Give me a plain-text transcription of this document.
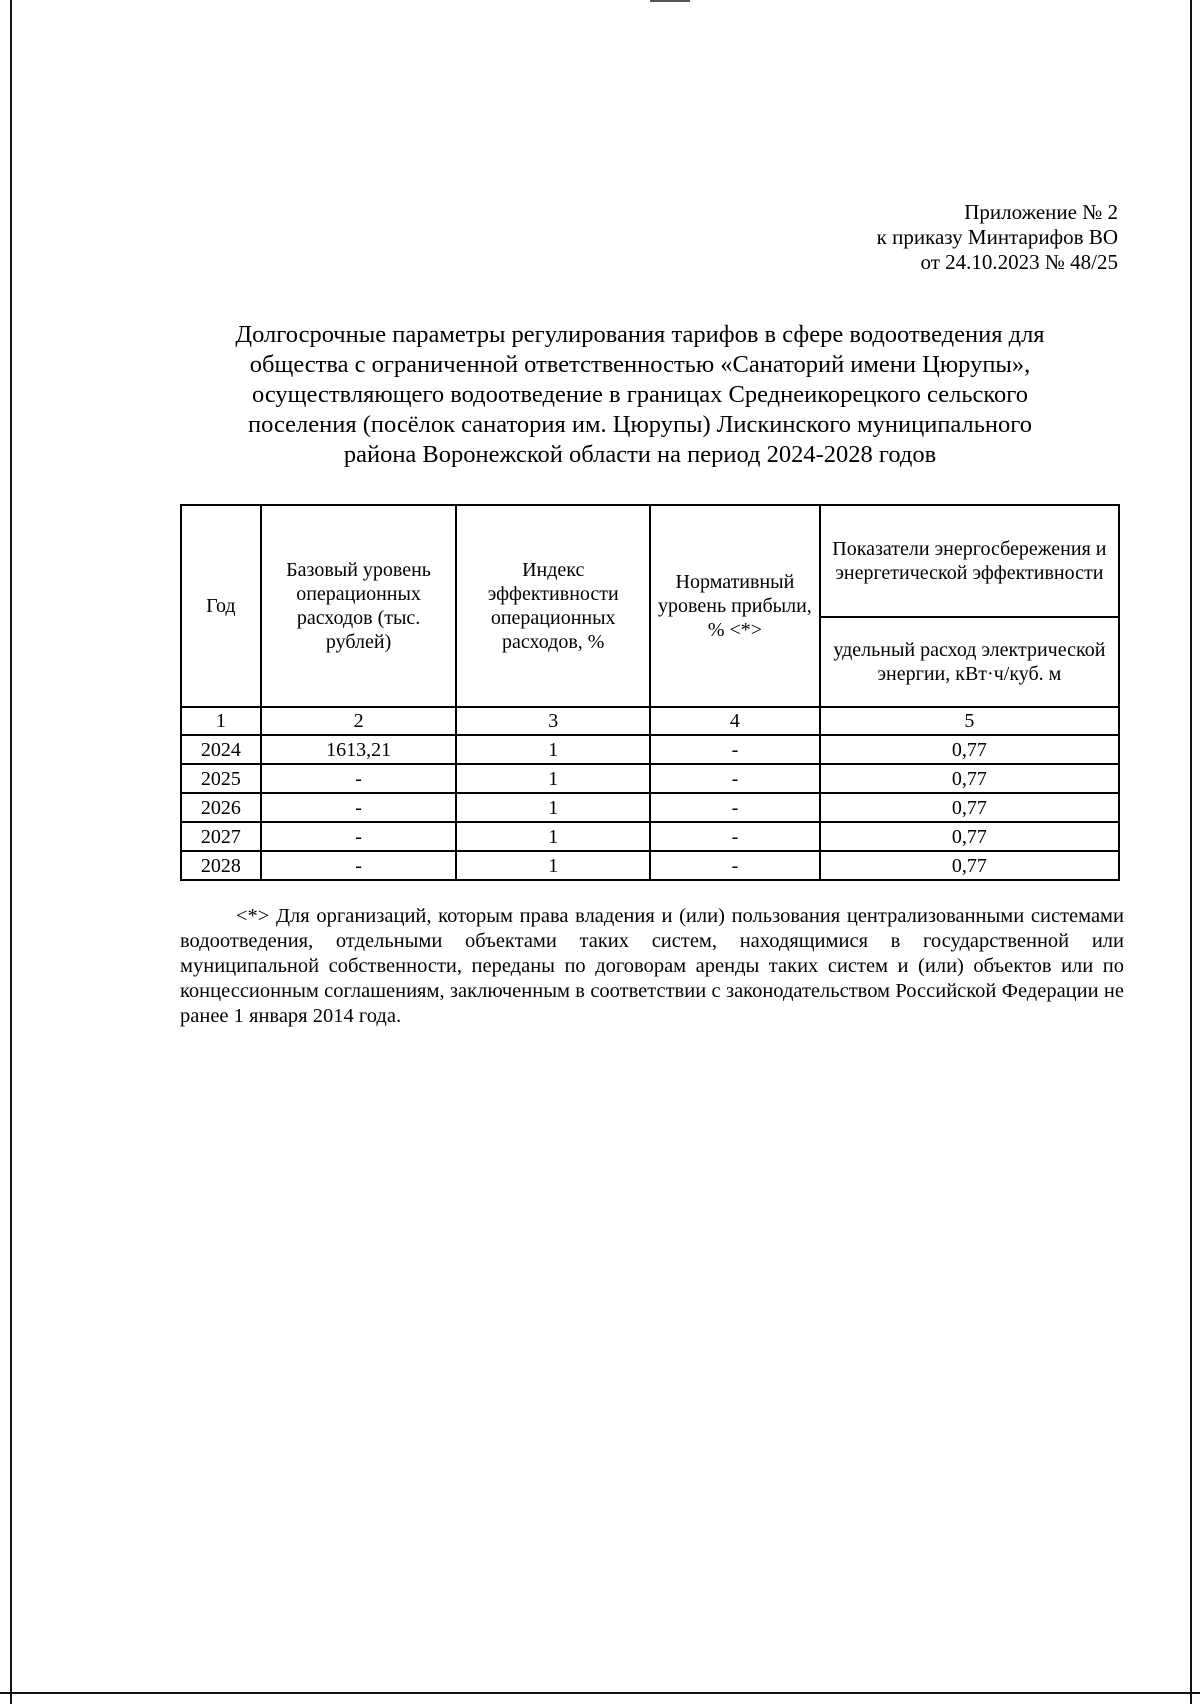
Приложение № 2
к приказу Минтарифов ВО
от 24.10.2023 № 48/25
Долгосрочные параметры регулирования тарифов в сфере водоотведения для
общества с ограниченной ответственностью «Санаторий имени Цюрупы»,
осуществляющего водоотведение в границах Среднеикорецкого сельского
поселения (посёлок санатория им. Цюрупы) Лискинского муниципального
района Воронежской области на период 2024-2028 годов
Год	Базовый уровень операционных расходов (тыс. рублей)	Индекс эффективности операционных расходов, %	Нормативный уровень прибыли, % <*>	Показатели энергосбережения и энергетической эффективности
				удельный расход электрической энергии, кВт·ч/куб. м
1	2	3	4	5
2024	1613,21	1	-	0,77
2025	-	1	-	0,77
2026	-	1	-	0,77
2027	-	1	-	0,77
2028	-	1	-	0,77
<*> Для организаций, которым права владения и (или) пользования централизованными системами водоотведения, отдельными объектами таких систем, находящимися в государственной или муниципальной собственности, переданы по договорам аренды таких систем и (или) объектов или по концессионным соглашениям, заключенным в соответствии с законодательством Российской Федерации не ранее 1 января 2014 года.
